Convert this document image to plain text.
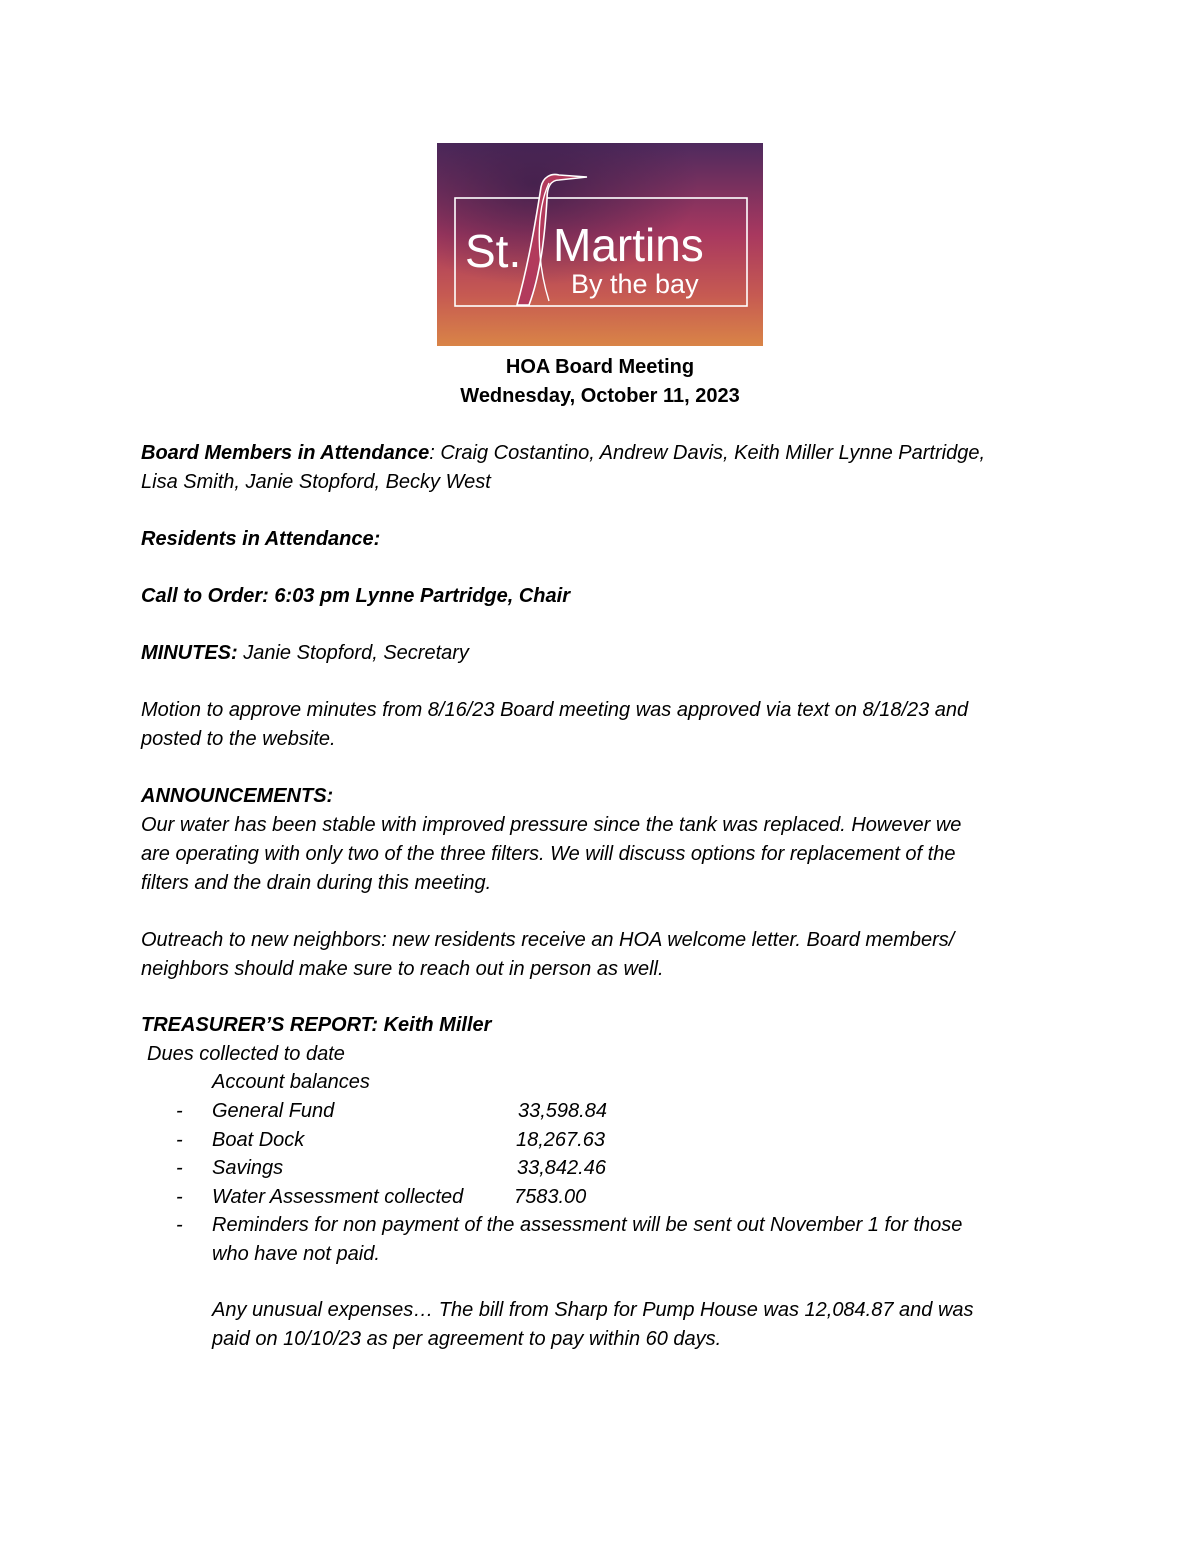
St. Martins
By the bay
HOA Board Meeting
Wednesday, October 11, 2023
Board Members in Attendance: Craig Costantino, Andrew Davis, Keith Miller Lynne Partridge,
Lisa Smith, Janie Stopford, Becky West
Residents in Attendance:
Call to Order: 6:03 pm Lynne Partridge, Chair
MINUTES: Janie Stopford, Secretary
Motion to approve minutes from 8/16/23 Board meeting was approved via text on 8/18/23 and
posted to the website.
ANNOUNCEMENTS:
Our water has been stable with improved pressure since the tank was replaced. However we
are operating with only two of the three filters. We will discuss options for replacement of the
filters and the drain during this meeting.
Outreach to new neighbors: new residents receive an HOA welcome letter. Board members/
neighbors should make sure to reach out in person as well.
TREASURER’S REPORT: Keith Miller
Dues collected to date
Account balances
- General Fund	33,598.84
- Boat Dock	18,267.63
- Savings	33,842.46
- Water Assessment collected	7583.00
- Reminders for non payment of the assessment will be sent out November 1 for those
who have not paid.
Any unusual expenses… The bill from Sharp for Pump House was 12,084.87 and was
paid on 10/10/23 as per agreement to pay within 60 days.
